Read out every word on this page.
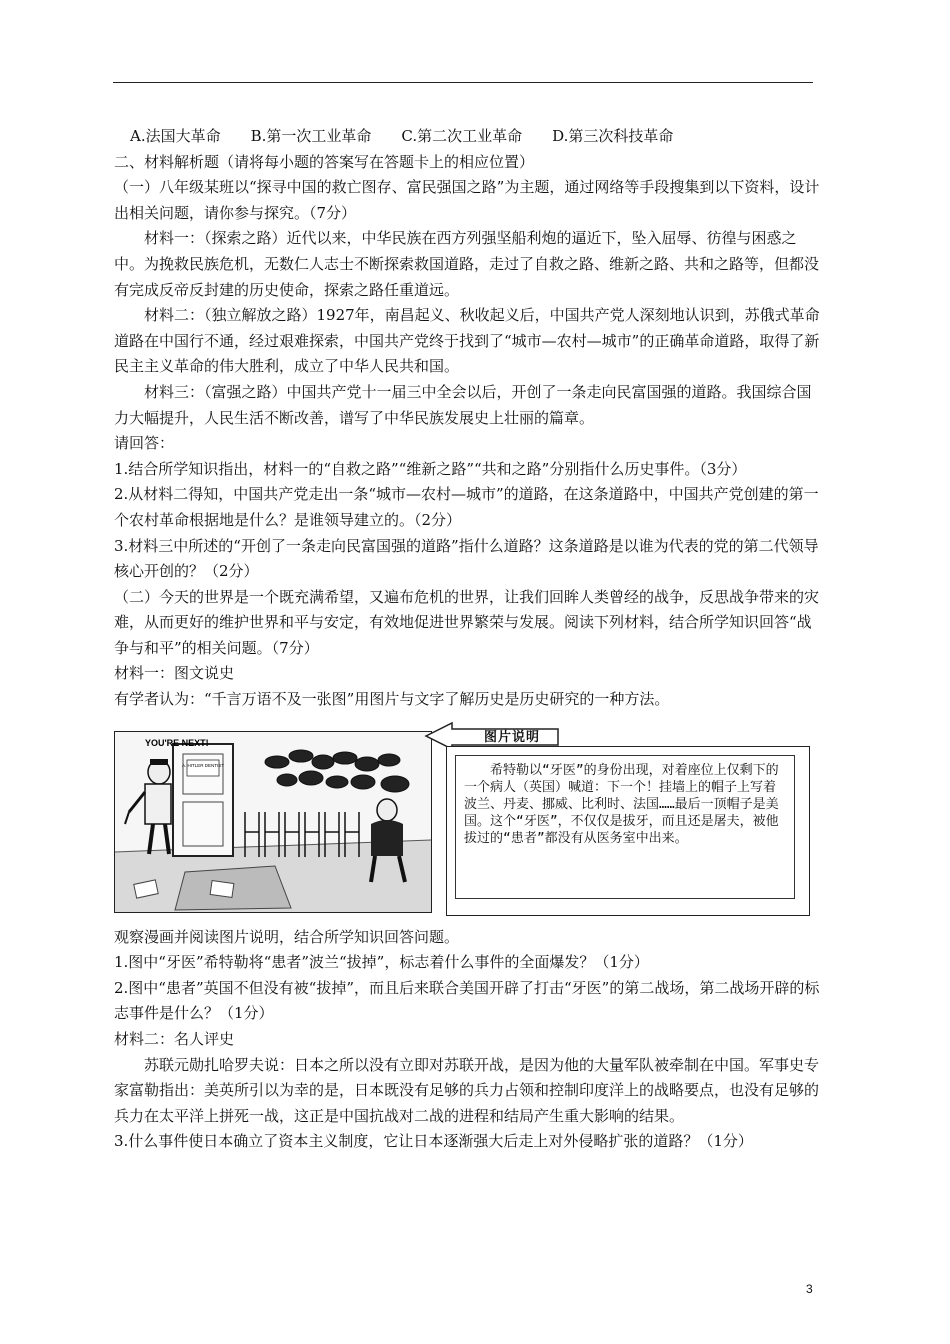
A.法国大革命 B.第一次工业革命 C.第二次工业革命 D.第三次科技革命

二、材料解析题（请将每小题的答案写在答题卡上的相应位置）

（一）八年级某班以“探寻中国的救亡图存、富民强国之路”为主题，通过网络等手段搜集到以下资料，设计出相关问题，请你参与探究。（7分）

材料一：（探索之路）近代以来，中华民族在西方列强坚船利炮的逼近下，坠入屈辱、彷徨与困惑之中。为挽救民族危机，无数仁人志士不断探索救国道路，走过了自救之路、维新之路、共和之路等，但都没有完成反帝反封建的历史使命，探索之路任重道远。

材料二：（独立解放之路）1927年，南昌起义、秋收起义后，中国共产党人深刻地认识到，苏俄式革命道路在中国行不通，经过艰难探索，中国共产党终于找到了“城市—农村—城市”的正确革命道路，取得了新民主主义革命的伟大胜利，成立了中华人民共和国。

材料三：（富强之路）中国共产党十一届三中全会以后，开创了一条走向民富国强的道路。我国综合国力大幅提升，人民生活不断改善，谱写了中华民族发展史上壮丽的篇章。

请回答：

1.结合所学知识指出，材料一的“自救之路”“维新之路”“共和之路”分别指什么历史事件。（3分）

2.从材料二得知，中国共产党走出一条“城市—农村—城市”的道路，在这条道路中，中国共产党创建的第一个农村革命根据地是什么？是谁领导建立的。（2分）

3.材料三中所述的“开创了一条走向民富国强的道路”指什么道路？这条道路是以谁为代表的党的第二代领导核心开创的？（2分）

（二）今天的世界是一个既充满希望，又遍布危机的世界，让我们回眸人类曾经的战争，反思战争带来的灾难，从而更好的维护世界和平与安定，有效地促进世界繁荣与发展。阅读下列材料，结合所学知识回答“战争与和平”的相关问题。（7分）

材料一：图文说史

有学者认为：“千言万语不及一张图”用图片与文字了解历史是历史研究的一种方法。

A. HITLER DENTIST
YOU'RE NEXT!	图片说明
希特勒以“牙医”的身份出现，对着座位上仅剩下的一个病人（英国）喊道：下一个！挂墙上的帽子上写着波兰、丹麦、挪威、比利时、法国……最后一顶帽子是美国。这个“牙医”，不仅仅是拔牙，而且还是屠夫，被他拔过的“患者”都没有从医务室中出来。

观察漫画并阅读图片说明，结合所学知识回答问题。

1.图中“牙医”希特勒将“患者”波兰“拔掉”，标志着什么事件的全面爆发？（1分）

2.图中“患者”英国不但没有被“拔掉”，而且后来联合美国开辟了打击“牙医”的第二战场，第二战场开辟的标志事件是什么？（1分）

材料二：名人评史

苏联元勋扎哈罗夫说：日本之所以没有立即对苏联开战，是因为他的大量军队被牵制在中国。军事史专家富勒指出：美英所引以为幸的是，日本既没有足够的兵力占领和控制印度洋上的战略要点，也没有足够的兵力在太平洋上拼死一战，这正是中国抗战对二战的进程和结局产生重大影响的结果。

3.什么事件使日本确立了资本主义制度，它让日本逐渐强大后走上对外侵略扩张的道路？（1分）

3
